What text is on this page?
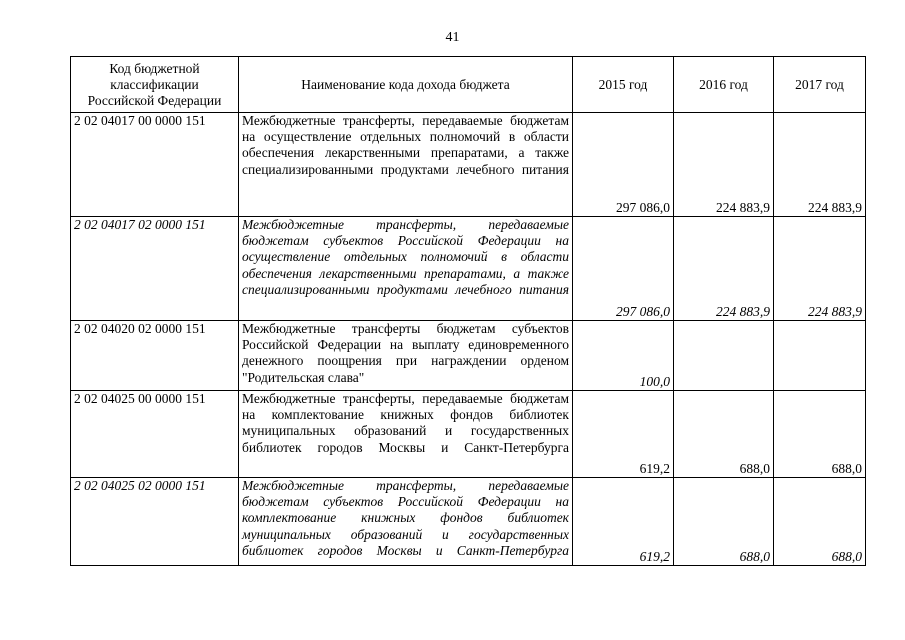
41
Код бюджетной классификации Российской Федерации	Наименование кода дохода бюджета	2015 год	2016 год	2017 год
2 02 04017 00 0000 151	Межбюджетные трансферты, передаваемые бюджетам на осуществление отдельных полномочий в области обеспечения лекарственными препаратами, а также специализированными продуктами лечебного питания	297 086,0	224 883,9	224 883,9
2 02 04017 02 0000 151	Межбюджетные трансферты, передаваемые бюджетам субъектов Российской Федерации на осуществление отдельных полномочий в области обеспечения лекарственными препаратами, а также специализированными продуктами лечебного питания	297 086,0	224 883,9	224 883,9
2 02 04020 02 0000 151	Межбюджетные трансферты бюджетам субъектов Российской Федерации на выплату единовременного денежного поощрения при награждении орденом "Родительская слава"	100,0		
2 02 04025 00 0000 151	Межбюджетные трансферты, передаваемые бюджетам на комплектование книжных фондов библиотек муниципальных образований и государственных библиотек городов Москвы и Санкт-Петербурга	619,2	688,0	688,0
2 02 04025 02 0000 151	Межбюджетные трансферты, передаваемые бюджетам субъектов Российской Федерации на комплектование книжных фондов библиотек муниципальных образований и государственных библиотек городов Москвы и Санкт-Петербурга	619,2	688,0	688,0
